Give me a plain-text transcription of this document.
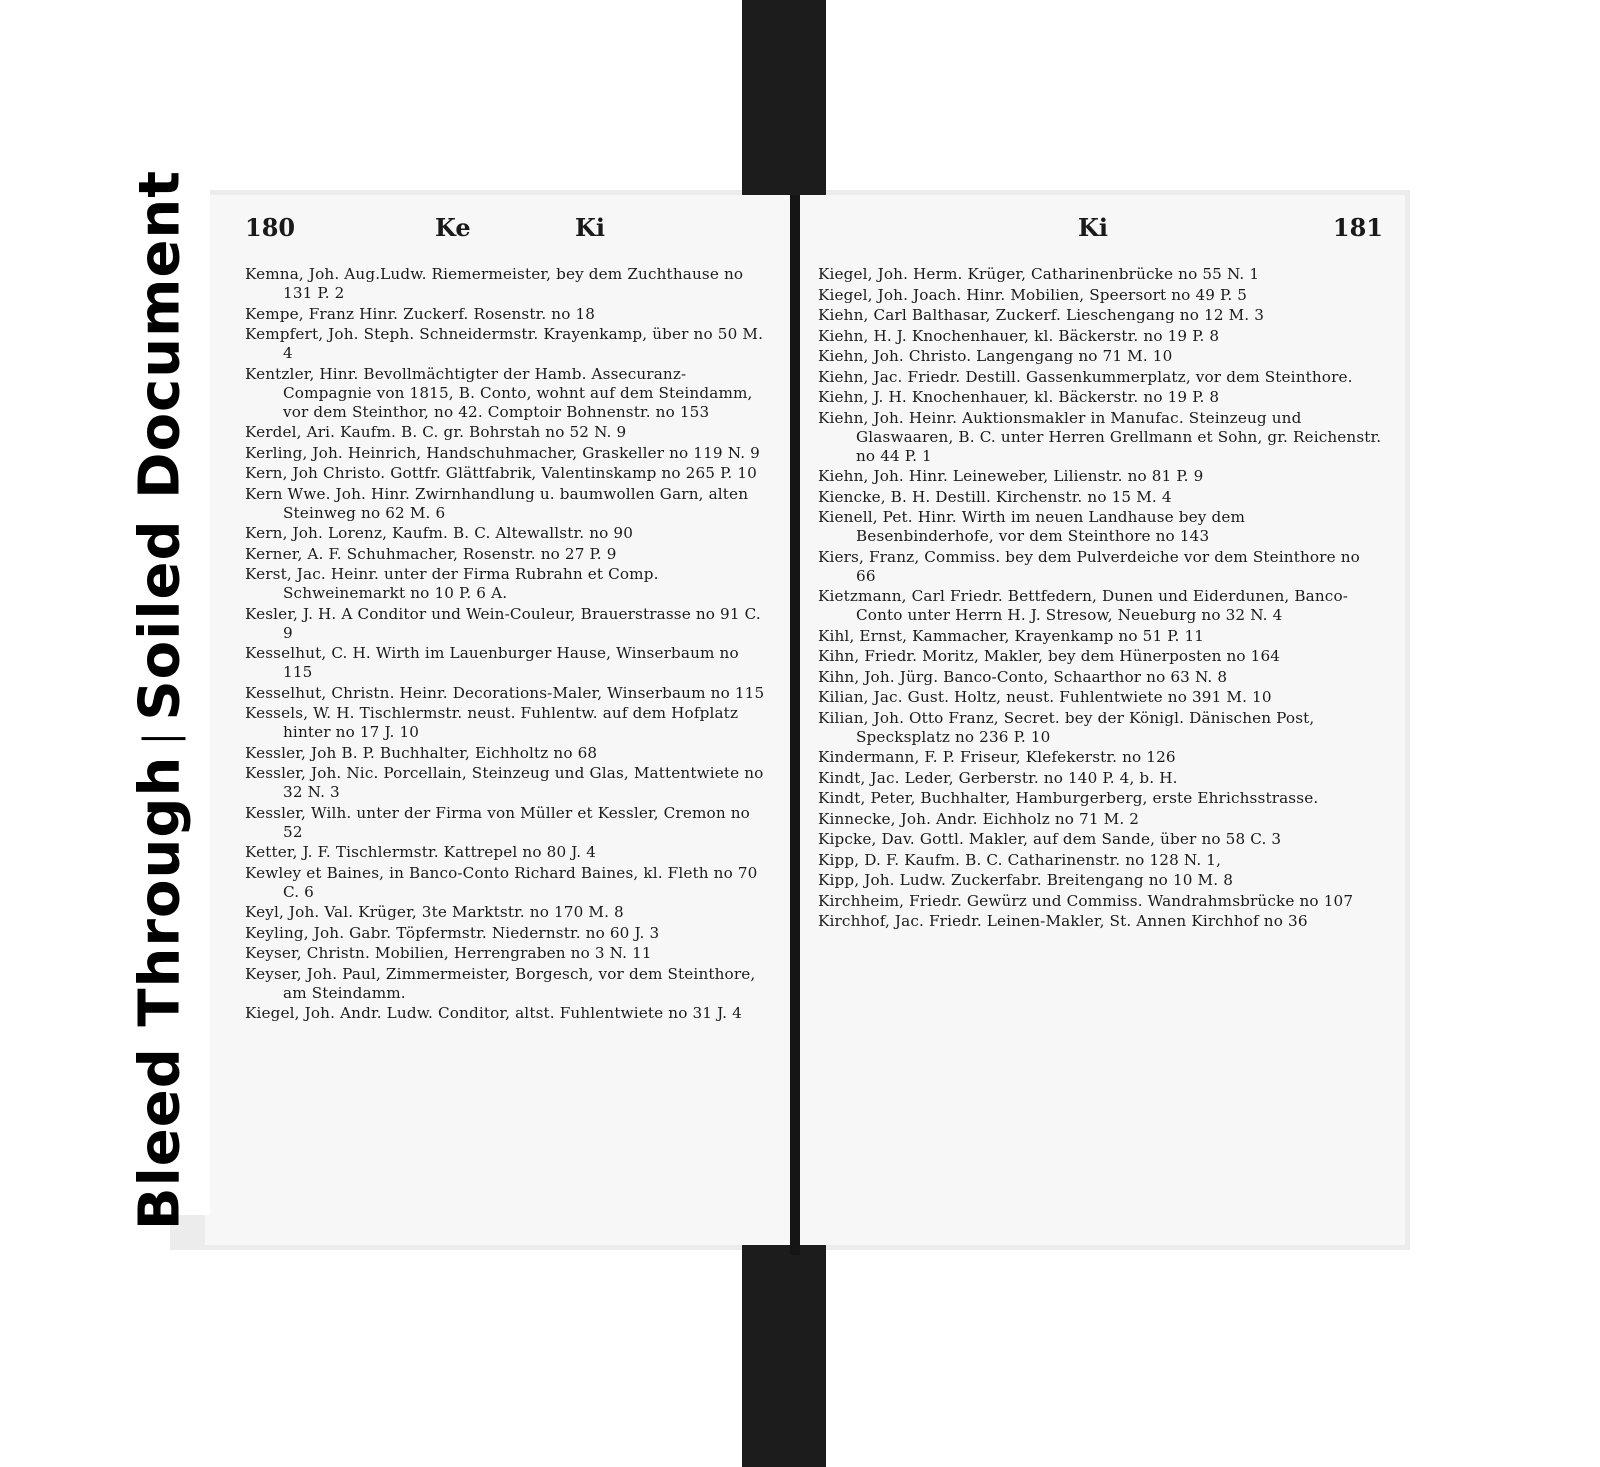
180	Ke	Ki

Kemna, Joh. Aug.Ludw. Riemermeister, bey dem Zuchthause no 131 P. 2

Kempe, Franz Hinr. Zuckerf. Rosenstr. no 18

Kempfert, Joh. Steph. Schneidermstr. Krayenkamp, über no 50 M. 4

Kentzler, Hinr. Bevollmächtigter der Hamb. Assecuranz-Compagnie von 1815, B. Conto, wohnt auf dem Steindamm, vor dem Steinthor, no 42. Comptoir Bohnenstr. no 153

Kerdel, Ari. Kaufm. B. C. gr. Bohrstah no 52 N. 9

Kerling, Joh. Heinrich, Handschuhmacher, Graskeller no 119 N. 9

Kern, Joh Christo. Gottfr. Glättfabrik, Valentinskamp no 265 P. 10

Kern Wwe. Joh. Hinr. Zwirnhandlung u. baumwollen Garn, alten Steinweg no 62 M. 6

Kern, Joh. Lorenz, Kaufm. B. C. Altewallstr. no 90

Kerner, A. F. Schuhmacher, Rosenstr. no 27 P. 9

Kerst, Jac. Heinr. unter der Firma Rubrahn et Comp. Schweinemarkt no 10 P. 6 A.

Kesler, J. H. A Conditor und Wein-Couleur, Brauerstrasse no 91 C. 9

Kesselhut, C. H. Wirth im Lauenburger Hause, Winserbaum no 115

Kesselhut, Christn. Heinr. Decorations-Maler, Winserbaum no 115

Kessels, W. H. Tischlermstr. neust. Fuhlentw. auf dem Hofplatz hinter no 17 J. 10

Kessler, Joh B. P. Buchhalter, Eichholtz no 68

Kessler, Joh. Nic. Porcellain, Steinzeug und Glas, Mattentwiete no 32 N. 3

Kessler, Wilh. unter der Firma von Müller et Kessler, Cremon no 52

Ketter, J. F. Tischlermstr. Kattrepel no 80 J. 4

Kewley et Baines, in Banco-Conto Richard Baines, kl. Fleth no 70 C. 6

Keyl, Joh. Val. Krüger, 3te Marktstr. no 170 M. 8

Keyling, Joh. Gabr. Töpfermstr. Niedernstr. no 60 J. 3

Keyser, Christn. Mobilien, Herrengraben no 3 N. 11

Keyser, Joh. Paul, Zimmermeister, Borgesch, vor dem Steinthore, am Steindamm.

Kiegel, Joh. Andr. Ludw. Conditor, altst. Fuhlentwiete no 31 J. 4

Ki	181

Kiegel, Joh. Herm. Krüger, Catharinenbrücke no 55 N. 1

Kiegel, Joh. Joach. Hinr. Mobilien, Speersort no 49 P. 5

Kiehn, Carl Balthasar, Zuckerf. Lieschengang no 12 M. 3

Kiehn, H. J. Knochenhauer, kl. Bäckerstr. no 19 P. 8

Kiehn, Joh. Christo. Langengang no 71 M. 10

Kiehn, Jac. Friedr. Destill. Gassenkummerplatz, vor dem Steinthore.

Kiehn, J. H. Knochenhauer, kl. Bäckerstr. no 19 P. 8

Kiehn, Joh. Heinr. Auktionsmakler in Manufac. Steinzeug und Glaswaaren, B. C. unter Herren Grellmann et Sohn, gr. Reichenstr. no 44 P. 1

Kiehn, Joh. Hinr. Leineweber, Lilienstr. no 81 P. 9

Kiencke, B. H. Destill. Kirchenstr. no 15 M. 4

Kienell, Pet. Hinr. Wirth im neuen Landhause bey dem Besenbinderhofe, vor dem Steinthore no 143

Kiers, Franz, Commiss. bey dem Pulverdeiche vor dem Steinthore no 66

Kietzmann, Carl Friedr. Bettfedern, Dunen und Eiderdunen, Banco-Conto unter Herrn H. J. Stresow, Neueburg no 32 N. 4

Kihl, Ernst, Kammacher, Krayenkamp no 51 P. 11

Kihn, Friedr. Moritz, Makler, bey dem Hünerposten no 164

Kihn, Joh. Jürg. Banco-Conto, Schaarthor no 63 N. 8

Kilian, Jac. Gust. Holtz, neust. Fuhlentwiete no 391 M. 10

Kilian, Joh. Otto Franz, Secret. bey der Königl. Dänischen Post, Specksplatz no 236 P. 10

Kindermann, F. P. Friseur, Klefekerstr. no 126

Kindt, Jac. Leder, Gerberstr. no 140 P. 4, b. H.

Kindt, Peter, Buchhalter, Hamburgerberg, erste Ehrichsstrasse.

Kinnecke, Joh. Andr. Eichholz no 71 M. 2

Kipcke, Dav. Gottl. Makler, auf dem Sande, über no 58 C. 3

Kipp, D. F. Kaufm. B. C. Catharinenstr. no 128 N. 1,

Kipp, Joh. Ludw. Zuckerfabr. Breitengang no 10 M. 8

Kirchheim, Friedr. Gewürz und Commiss. Wandrahmsbrücke no 107

Kirchhof, Jac. Friedr. Leinen-Makler, St. Annen Kirchhof no 36

Bleed ThroughSoiled Document
